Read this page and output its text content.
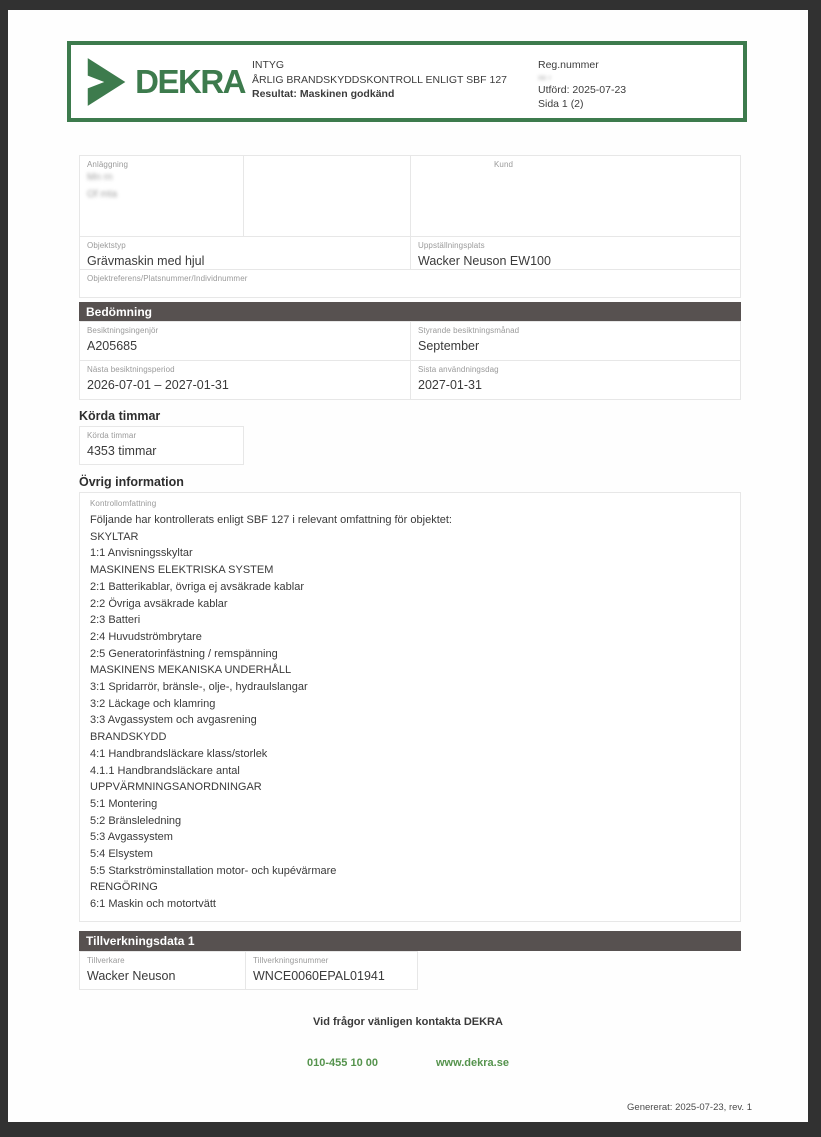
DEKRA INTYG
ÅRLIG BRANDSKYDDSKONTROLL ENLIGT SBF 127
Resultat: Maskinen godkänd
Reg.nummer
ısı ı
Utförd: 2025-07-23
Sida 1 (2)
Anläggning
Mn rn
Of mta
Kund
Objektstyp
Grävmaskin med hjul
Uppställningsplats
Wacker Neuson EW100
Objektreferens/Platsnummer/Individnummer
Bedömning
Besiktningsingenjör
A205685
Styrande besiktningsmånad
September
Nästa besiktningsperiod
2026-07-01 – 2027-01-31
Sista användningsdag
2027-01-31
Körda timmar
Körda timmar
4353 timmar
Övrig information
Kontrollomfattning
Följande har kontrollerats enligt SBF 127 i relevant omfattning för objektet:
SKYLTAR
1:1 Anvisningsskyltar
MASKINENS ELEKTRISKA SYSTEM
2:1 Batterikablar, övriga ej avsäkrade kablar
2:2 Övriga avsäkrade kablar
2:3 Batteri
2:4 Huvudströmbrytare
2:5 Generatorinfästning / remspänning
MASKINENS MEKANISKA UNDERHÅLL
3:1 Spridarrör, bränsle-, olje-, hydraulslangar
3:2 Läckage och klamring
3:3 Avgassystem och avgasrening
BRANDSKYDD
4:1 Handbrandsläckare klass/storlek
4.1.1 Handbrandsläckare antal
UPPVÄRMNINGSANORDNINGAR
5:1 Montering
5:2 Bränsleledning
5:3 Avgassystem
5:4 Elsystem
5:5 Starkströminstallation motor- och kupévärmare
RENGÖRING
6:1 Maskin och motortvätt
Tillverkningsdata 1
Tillverkare
Wacker Neuson
Tillverkningsnummer
WNCE0060EPAL01941
Vid frågor vänligen kontakta DEKRA
010-455 10 00	www.dekra.se
Genererat: 2025-07-23, rev. 1
